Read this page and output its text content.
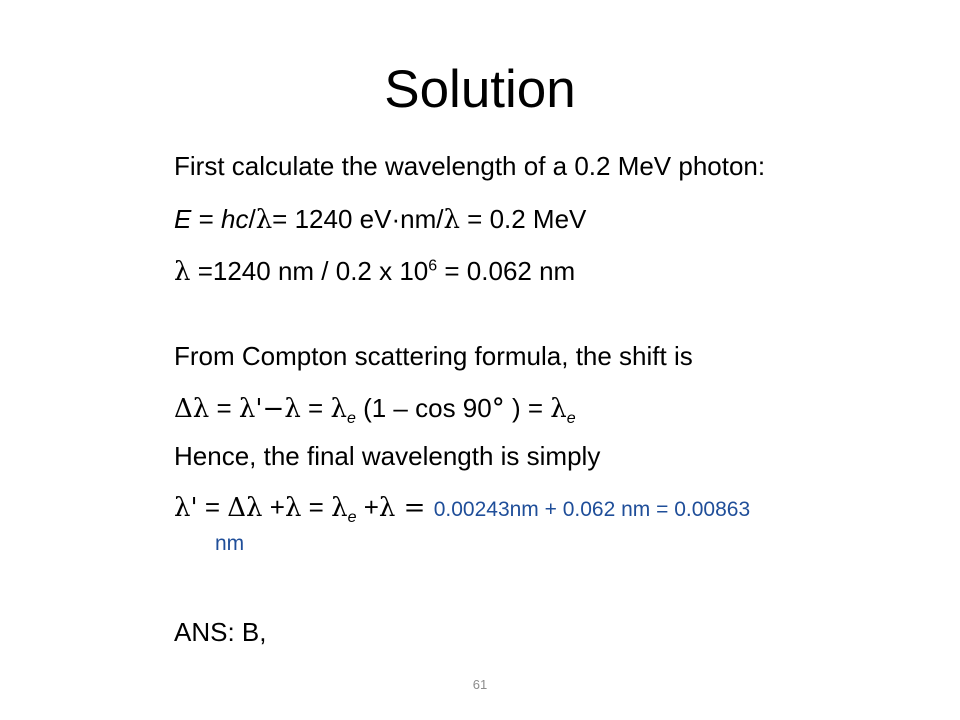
Solution
First calculate the wavelength of a 0.2 MeV photon:
E = hc/λ= 1240 eV·nm/λ = 0.2 MeV
λ =1240 nm / 0.2 x $10^6 = 0.062$ nm
From Compton scattering formula, the shift is
$\Delta\lambda = \lambda'-\lambda = \lambda_e$ (1 – cos 90° ) = $\lambda_e$
Hence, the final wavelength is simply
$\lambda' = \Delta\lambda +\lambda = \lambda_e +\lambda = 0.00243nm + 0.062$ nm = 0.00863
nm
ANS: B,
61
